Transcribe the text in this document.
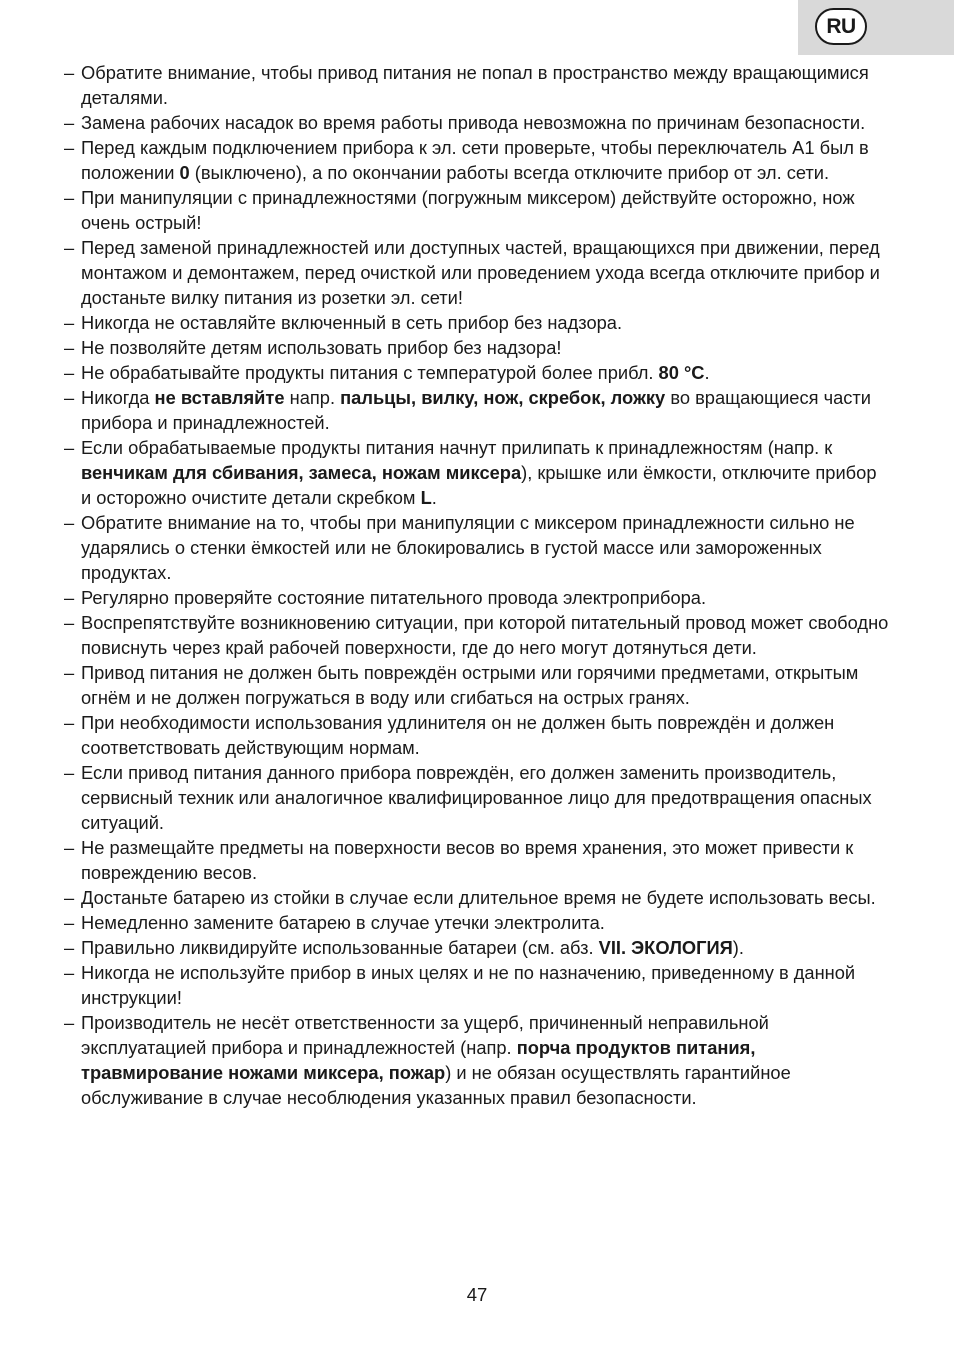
RU
– Обратите внимание, чтобы привод питания не попал в пространство между вращающимися деталями.
– Замена рабочих насадок во время работы привода невозможна по причинам безопасности.
– Перед каждым подключением прибора к эл. сети проверьте, чтобы переключатель A1 был в положении 0 (выключено), а по окончании работы всегда отключите прибор от эл. сети.
– При манипуляции с принадлежностями (погружным миксером) действуйте осторожно, нож очень острый!
– Перед заменой принадлежностей или доступных частей, вращающихся при движении, перед монтажом и демонтажем, перед очисткой или проведением ухода всегда отключите прибор и достаньте вилку питания из розетки эл. сети!
– Никогда не оставляйте включенный в сеть прибор без надзора.
– Не позволяйте детям использовать прибор без надзора!
– Не обрабатывайте продукты питания с температурой более прибл. 80 °C.
– Никогда не вставляйте напр. пальцы, вилку, нож, скребок, ложку во вращающиеся части прибора и принадлежностей.
– Если обрабатываемые продукты питания начнут прилипать к принадлежностям (напр. к венчикам для сбивания, замеса, ножам миксера), крышке или ёмкости, отключите прибор и осторожно очистите детали скребком L.
– Обратите внимание на то, чтобы при манипуляции с миксером принадлежности сильно не ударялись о стенки ёмкостей или не блокировались в густой массе или замороженных продуктах.
– Регулярно проверяйте состояние питательного провода электроприбора.
– Воспрепятствуйте возникновению ситуации, при которой питательный провод может свободно повиснуть через край рабочей поверхности, где до него могут дотянуться дети.
– Привод питания не должен быть повреждён острыми или горячими предметами, открытым огнём и не должен погружаться в воду или сгибаться на острых гранях.
– При необходимости использования удлинителя он не должен быть повреждён и должен соответствовать действующим нормам.
– Если привод питания данного прибора повреждён, его должен заменить производитель, сервисный техник или аналогичное квалифицированное лицо для предотвращения опасных ситуаций.
– Не размещайте предметы на поверхности весов во время хранения, это может привести к повреждению весов.
– Достаньте батарею из стойки в случае если длительное время не будете использовать весы.
– Немедленно замените батарею в случае утечки электролита.
– Правильно ликвидируйте использованные батареи (см. абз. VII. ЭКОЛОГИЯ).
– Никогда не используйте прибор в иных целях и не по назначению, приведенному в данной инструкции!
– Производитель не несёт ответственности за ущерб, причиненный неправильной эксплуатацией прибора и принадлежностей (напр. порча продуктов питания, травмирование ножами миксера, пожар) и не обязан осуществлять гарантийное обслуживание в случае несоблюдения указанных правил безопасности.
47
